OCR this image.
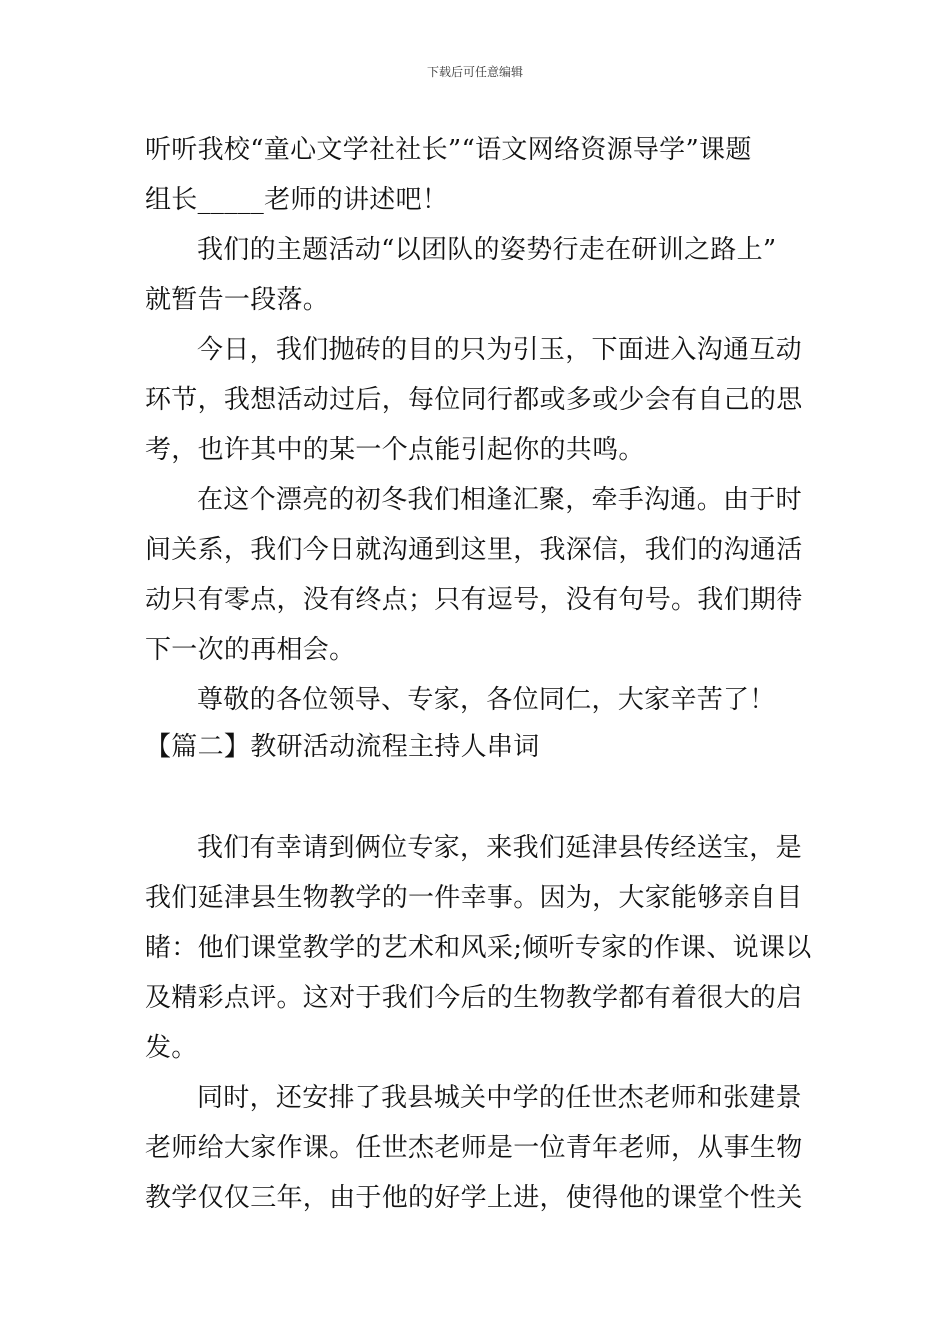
下载后可任意编辑
听听我校“童心文学社社长”“语文网络资源导学”课题
组长_____老师的讲述吧！
我们的主题活动“以团队的姿势行走在研训之路上”
就暂告一段落。
今日，我们抛砖的目的只为引玉，下面进入沟通互动
环节，我想活动过后，每位同行都或多或少会有自己的思
考，也许其中的某一个点能引起你的共鸣。
在这个漂亮的初冬我们相逢汇聚，牵手沟通。由于时
间关系，我们今日就沟通到这里，我深信，我们的沟通活
动只有零点，没有终点；只有逗号，没有句号。我们期待
下一次的再相会。
尊敬的各位领导、专家，各位同仁，大家辛苦了！
【篇二】教研活动流程主持人串词
我们有幸请到俩位专家，来我们延津县传经送宝，是
我们延津县生物教学的一件幸事。因为，大家能够亲自目
睹：他们课堂教学的艺术和风采;倾听专家的作课、说课以
及精彩点评。这对于我们今后的生物教学都有着很大的启
发。
同时，还安排了我县城关中学的任世杰老师和张建景
老师给大家作课。任世杰老师是一位青年老师，从事生物
教学仅仅三年，由于他的好学上进，使得他的课堂个性关
